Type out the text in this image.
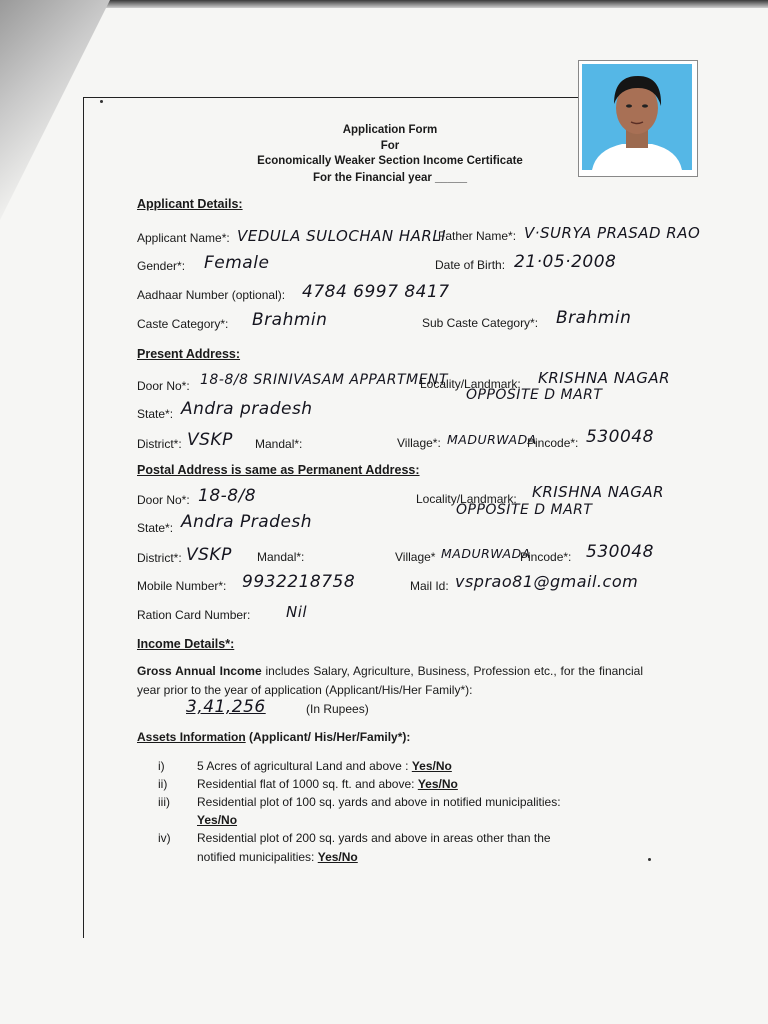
Application Form
For
Economically Weaker Section Income Certificate
For the Financial year _____
Applicant Details:
Applicant Name*: VEDULA SULOCHAN HARLI
Father Name*: V·SURYA PRASAD RAO
Gender*: Female	Date of Birth: 21·05·2008
Aadhaar Number (optional): 4784 6997 8417
Caste Category*: Brahmin	Sub Caste Category*: Brahmin
Present Address:
Door No*: 18-8/8 SRINIVASAM APPARTMENT
Locality/Landmark: KRISHNA NAGAR
OPPOSITE D MART
State*: Andra pradesh
District*: VSKP Mandal*:	Village*: MADURWADA
Pincode*: 530048
Postal Address is same as Permanent Address:
Door No*: 18-8/8	Locality/Landmark: KRISHNA NAGAR
OPPOSITE D MART
State*: Andra Pradesh
District*: VSKP Mandal*:	Village* MADURWADA
Pincode*: 530048
Mobile Number*: 9932218758	Mail Id: vsprao81@gmail.com
Ration Card Number: Nil
Income Details*:
Gross Annual Income includes Salary, Agriculture, Business, Profession etc., for the financial year prior to the year of application (Applicant/His/Her Family*):
3,41,256	(In Rupees)
Assets Information (Applicant/ His/Her/Family*):
i)	5 Acres of agricultural Land and above : Yes/No
ii) Residential flat of 1000 sq. ft. and above: Yes/No
iii) Residential plot of 100 sq. yards and above in notified municipalities:
Yes/No
iv) Residential plot of 200 sq. yards and above in areas other than the
notified municipalities: Yes/No
